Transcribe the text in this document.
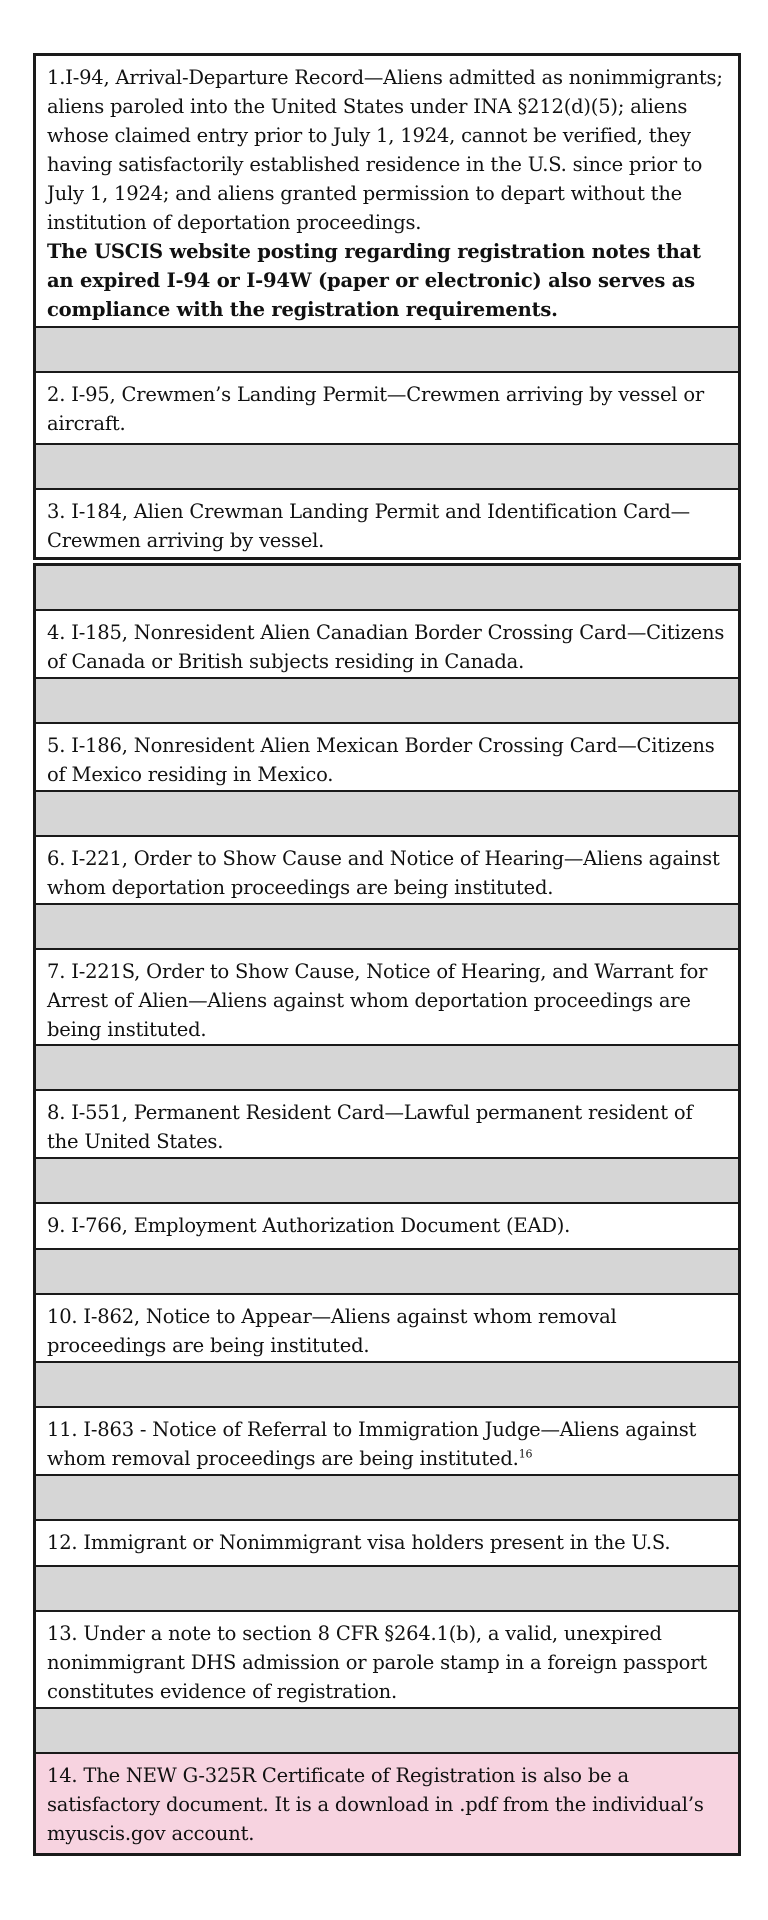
1.I-94, Arrival-Departure Record—Aliens admitted as nonimmigrants; aliens paroled into the United States under INA §212(d)(5); aliens whose claimed entry prior to July 1, 1924, cannot be verified, they having satisfactorily established residence in the U.S. since prior to July 1, 1924; and aliens granted permission to depart without the institution of deportation proceedings.
The USCIS website posting regarding registration notes that an expired I-94 or I-94W (paper or electronic) also serves as compliance with the registration requirements.
2. I-95, Crewmen’s Landing Permit—Crewmen arriving by vessel or aircraft.
3. I-184, Alien Crewman Landing Permit and Identification Card—Crewmen arriving by vessel.
4. I-185, Nonresident Alien Canadian Border Crossing Card—Citizens of Canada or British subjects residing in Canada.
5. I-186, Nonresident Alien Mexican Border Crossing Card—Citizens of Mexico residing in Mexico.
6. I-221, Order to Show Cause and Notice of Hearing—Aliens against whom deportation proceedings are being instituted.
7. I-221S, Order to Show Cause, Notice of Hearing, and Warrant for Arrest of Alien—Aliens against whom deportation proceedings are being instituted.
8. I-551, Permanent Resident Card—Lawful permanent resident of the United States.
9. I-766, Employment Authorization Document (EAD).
10. I-862, Notice to Appear—Aliens against whom removal proceedings are being instituted.
11. I-863 - Notice of Referral to Immigration Judge—Aliens against whom removal proceedings are being instituted.$^{16}$
12. Immigrant or Nonimmigrant visa holders present in the U.S.
13. Under a note to section 8 CFR §264.1(b), a valid, unexpired nonimmigrant DHS admission or parole stamp in a foreign passport constitutes evidence of registration.
14. The NEW G-325R Certificate of Registration is also be a satisfactory document. It is a download in .pdf from the individual’s myuscis.gov account.
